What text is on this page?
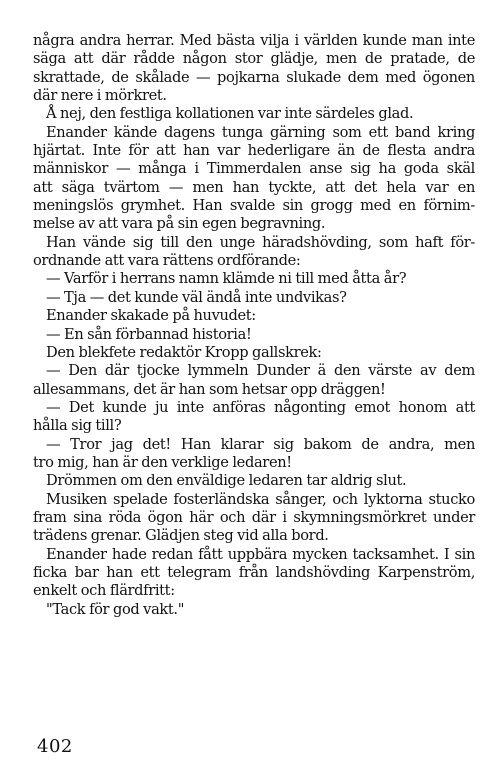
några andra herrar. Med bästa vilja i världen kunde man inte
säga att där rådde någon stor glädje, men de pratade, de
skrattade, de skålade — pojkarna slukade dem med ögonen
där nere i mörkret.
Å nej, den festliga kollationen var inte särdeles glad.
Enander kände dagens tunga gärning som ett band kring
hjärtat. Inte för att han var hederligare än de flesta andra
människor — många i Timmerdalen anse sig ha goda skäl
att säga tvärtom — men han tyckte, att det hela var en
meningslös grymhet. Han svalde sin grogg med en förnim-
melse av att vara på sin egen begravning.
Han vände sig till den unge häradshövding, som haft för-
ordnande att vara rättens ordförande:
— Varför i herrans namn klämde ni till med åtta år?
— Tja — det kunde väl ändå inte undvikas?
Enander skakade på huvudet:
— En sån förbannad historia!
Den blekfete redaktör Kropp gallskrek:
— Den där tjocke lymmeln Dunder ä den värste av dem
allesammans, det är han som hetsar opp dräggen!
— Det kunde ju inte anföras någonting emot honom att
hålla sig till?
— Tror jag det! Han klarar sig bakom de andra, men
tro mig, han är den verklige ledaren!
Drömmen om den enväldige ledaren tar aldrig slut.
Musiken spelade fosterländska sånger, och lyktorna stucko
fram sina röda ögon här och där i skymningsmörkret under
trädens grenar. Glädjen steg vid alla bord.
Enander hade redan fått uppbära mycken tacksamhet. I sin
ficka bar han ett telegram från landshövding Karpenström,
enkelt och flärdfritt:
"Tack för god vakt."
402
